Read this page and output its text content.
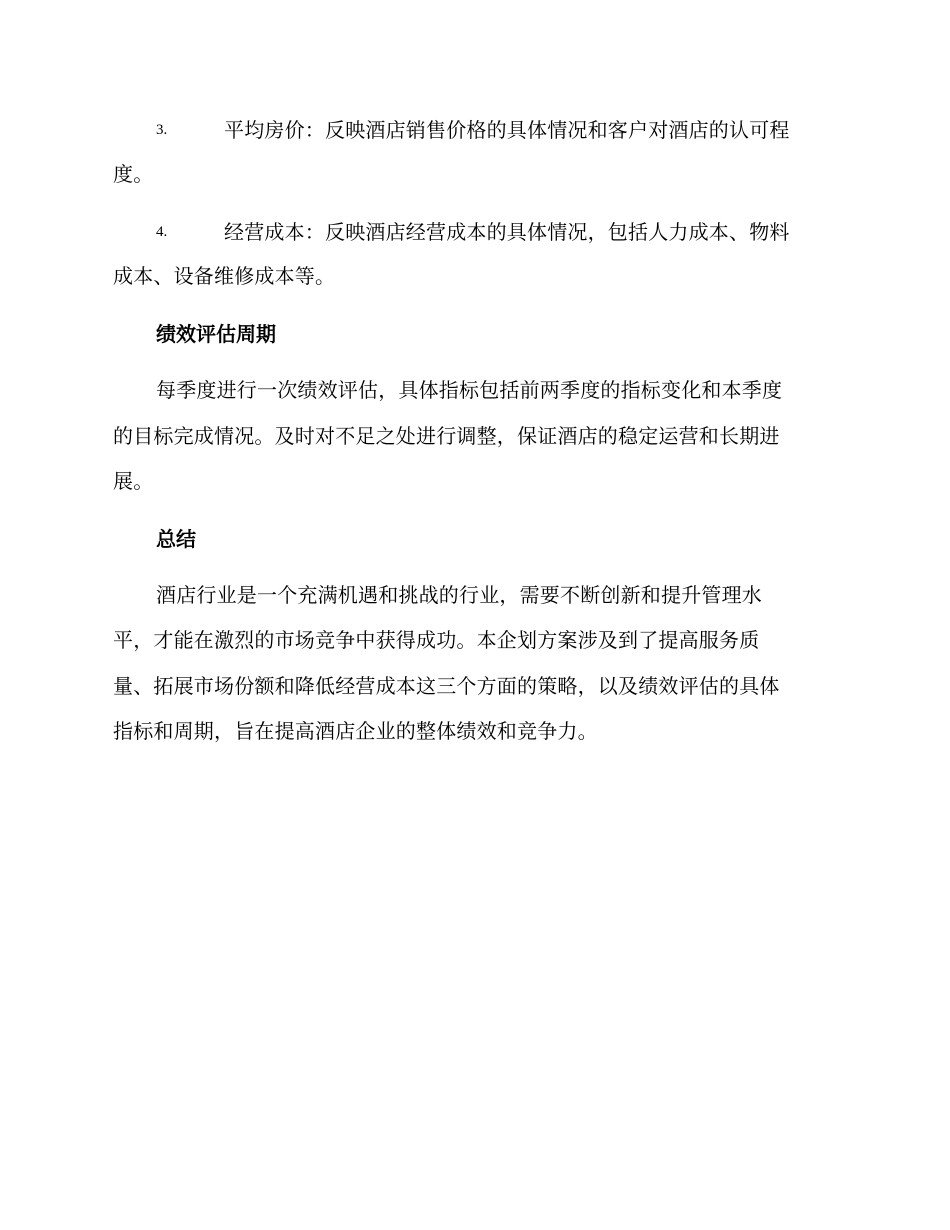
3.	平均房价：反映酒店销售价格的具体情况和客户对酒店的认可程
度。
4.	经营成本：反映酒店经营成本的具体情况，包括人力成本、物料
成本、设备维修成本等。
绩效评估周期
每季度进行一次绩效评估，具体指标包括前两季度的指标变化和本季度
的目标完成情况。及时对不足之处进行调整，保证酒店的稳定运营和长期进
展。
总结
酒店行业是一个充满机遇和挑战的行业，需要不断创新和提升管理水
平，才能在激烈的市场竞争中获得成功。本企划方案涉及到了提高服务质
量、拓展市场份额和降低经营成本这三个方面的策略，以及绩效评估的具体
指标和周期，旨在提高酒店企业的整体绩效和竞争力。
